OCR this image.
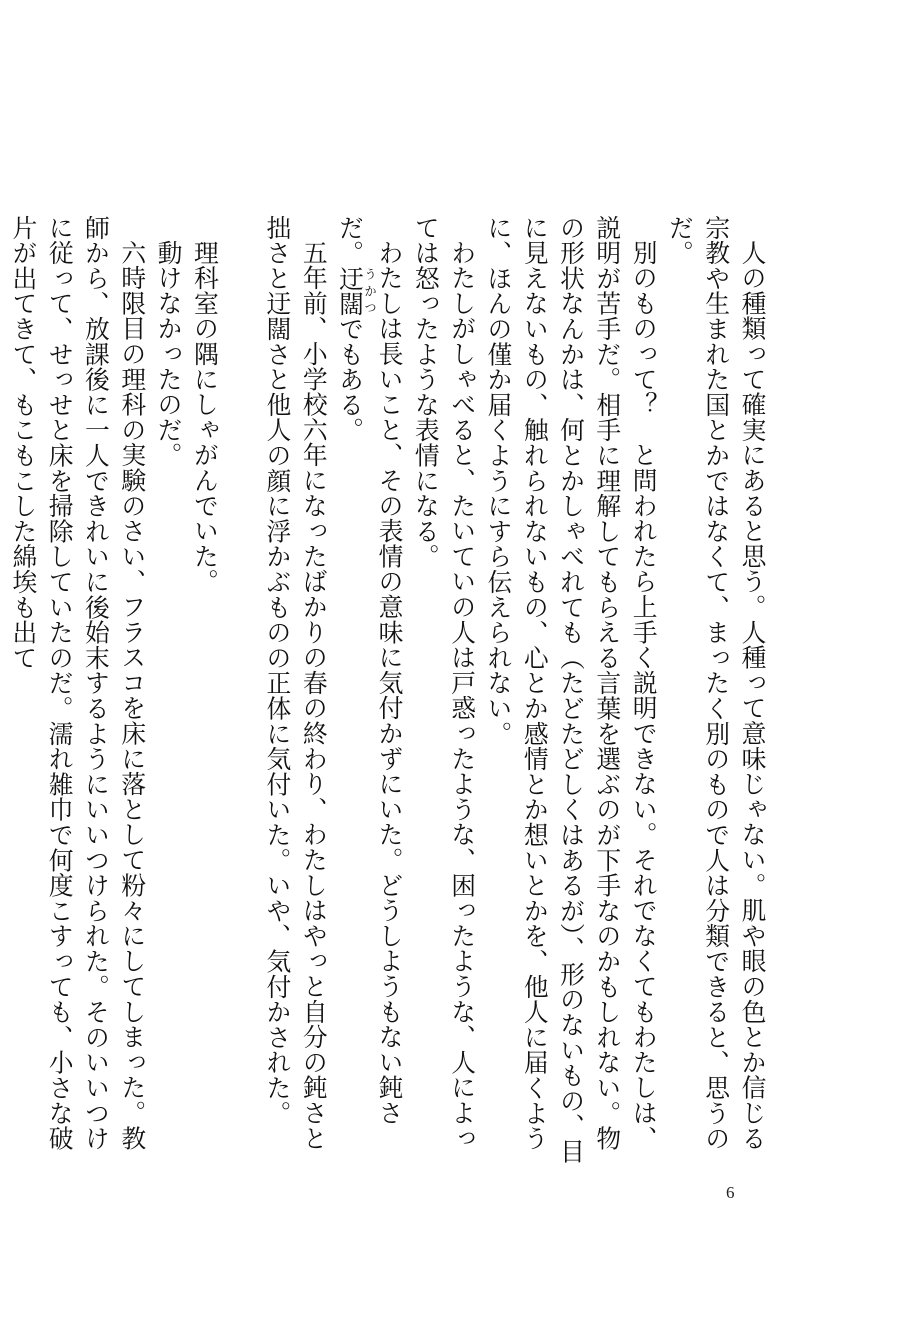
人の種類って確実にあると思う。人種って意味じゃない。肌や眼の色とか信じる宗教や生まれた国とかではなくて、まったく別のもので人は分類できると、思うのだ。

別のものって？　と問われたら上手く説明できない。それでなくてもわたしは、説明が苦手だ。相手に理解してもらえる言葉を選ぶのが下手なのかもしれない。物の形状なんかは、何とかしゃべれても（たどたどしくはあるが）、形のないもの、目に見えないもの、触れられないもの、心とか感情とか想いとかを、他人に届くように、ほんの僅か届くようにすら伝えられない。

わたしがしゃべると、たいていの人は戸惑ったような、困ったような、人によっては怒ったような表情になる。

わたしは長いこと、その表情の意味に気付かずにいた。どうしようもない鈍さだ。迂闊うかつでもある。

五年前、小学校六年になったばかりの春の終わり、わたしはやっと自分の鈍さと拙さと迂闊さと他人の顔に浮かぶものの正体に気付いた。いや、気付かされた。

理科室の隅にしゃがんでいた。

動けなかったのだ。

六時限目の理科の実験のさい、フラスコを床に落として粉々にしてしまった。教師から、放課後に一人できれいに後始末するようにいいつけられた。そのいいつけに従って、せっせと床を掃除していたのだ。濡れ雑巾で何度こすっても、小さな破片が出てきて、もこもこした綿埃も出て

6
